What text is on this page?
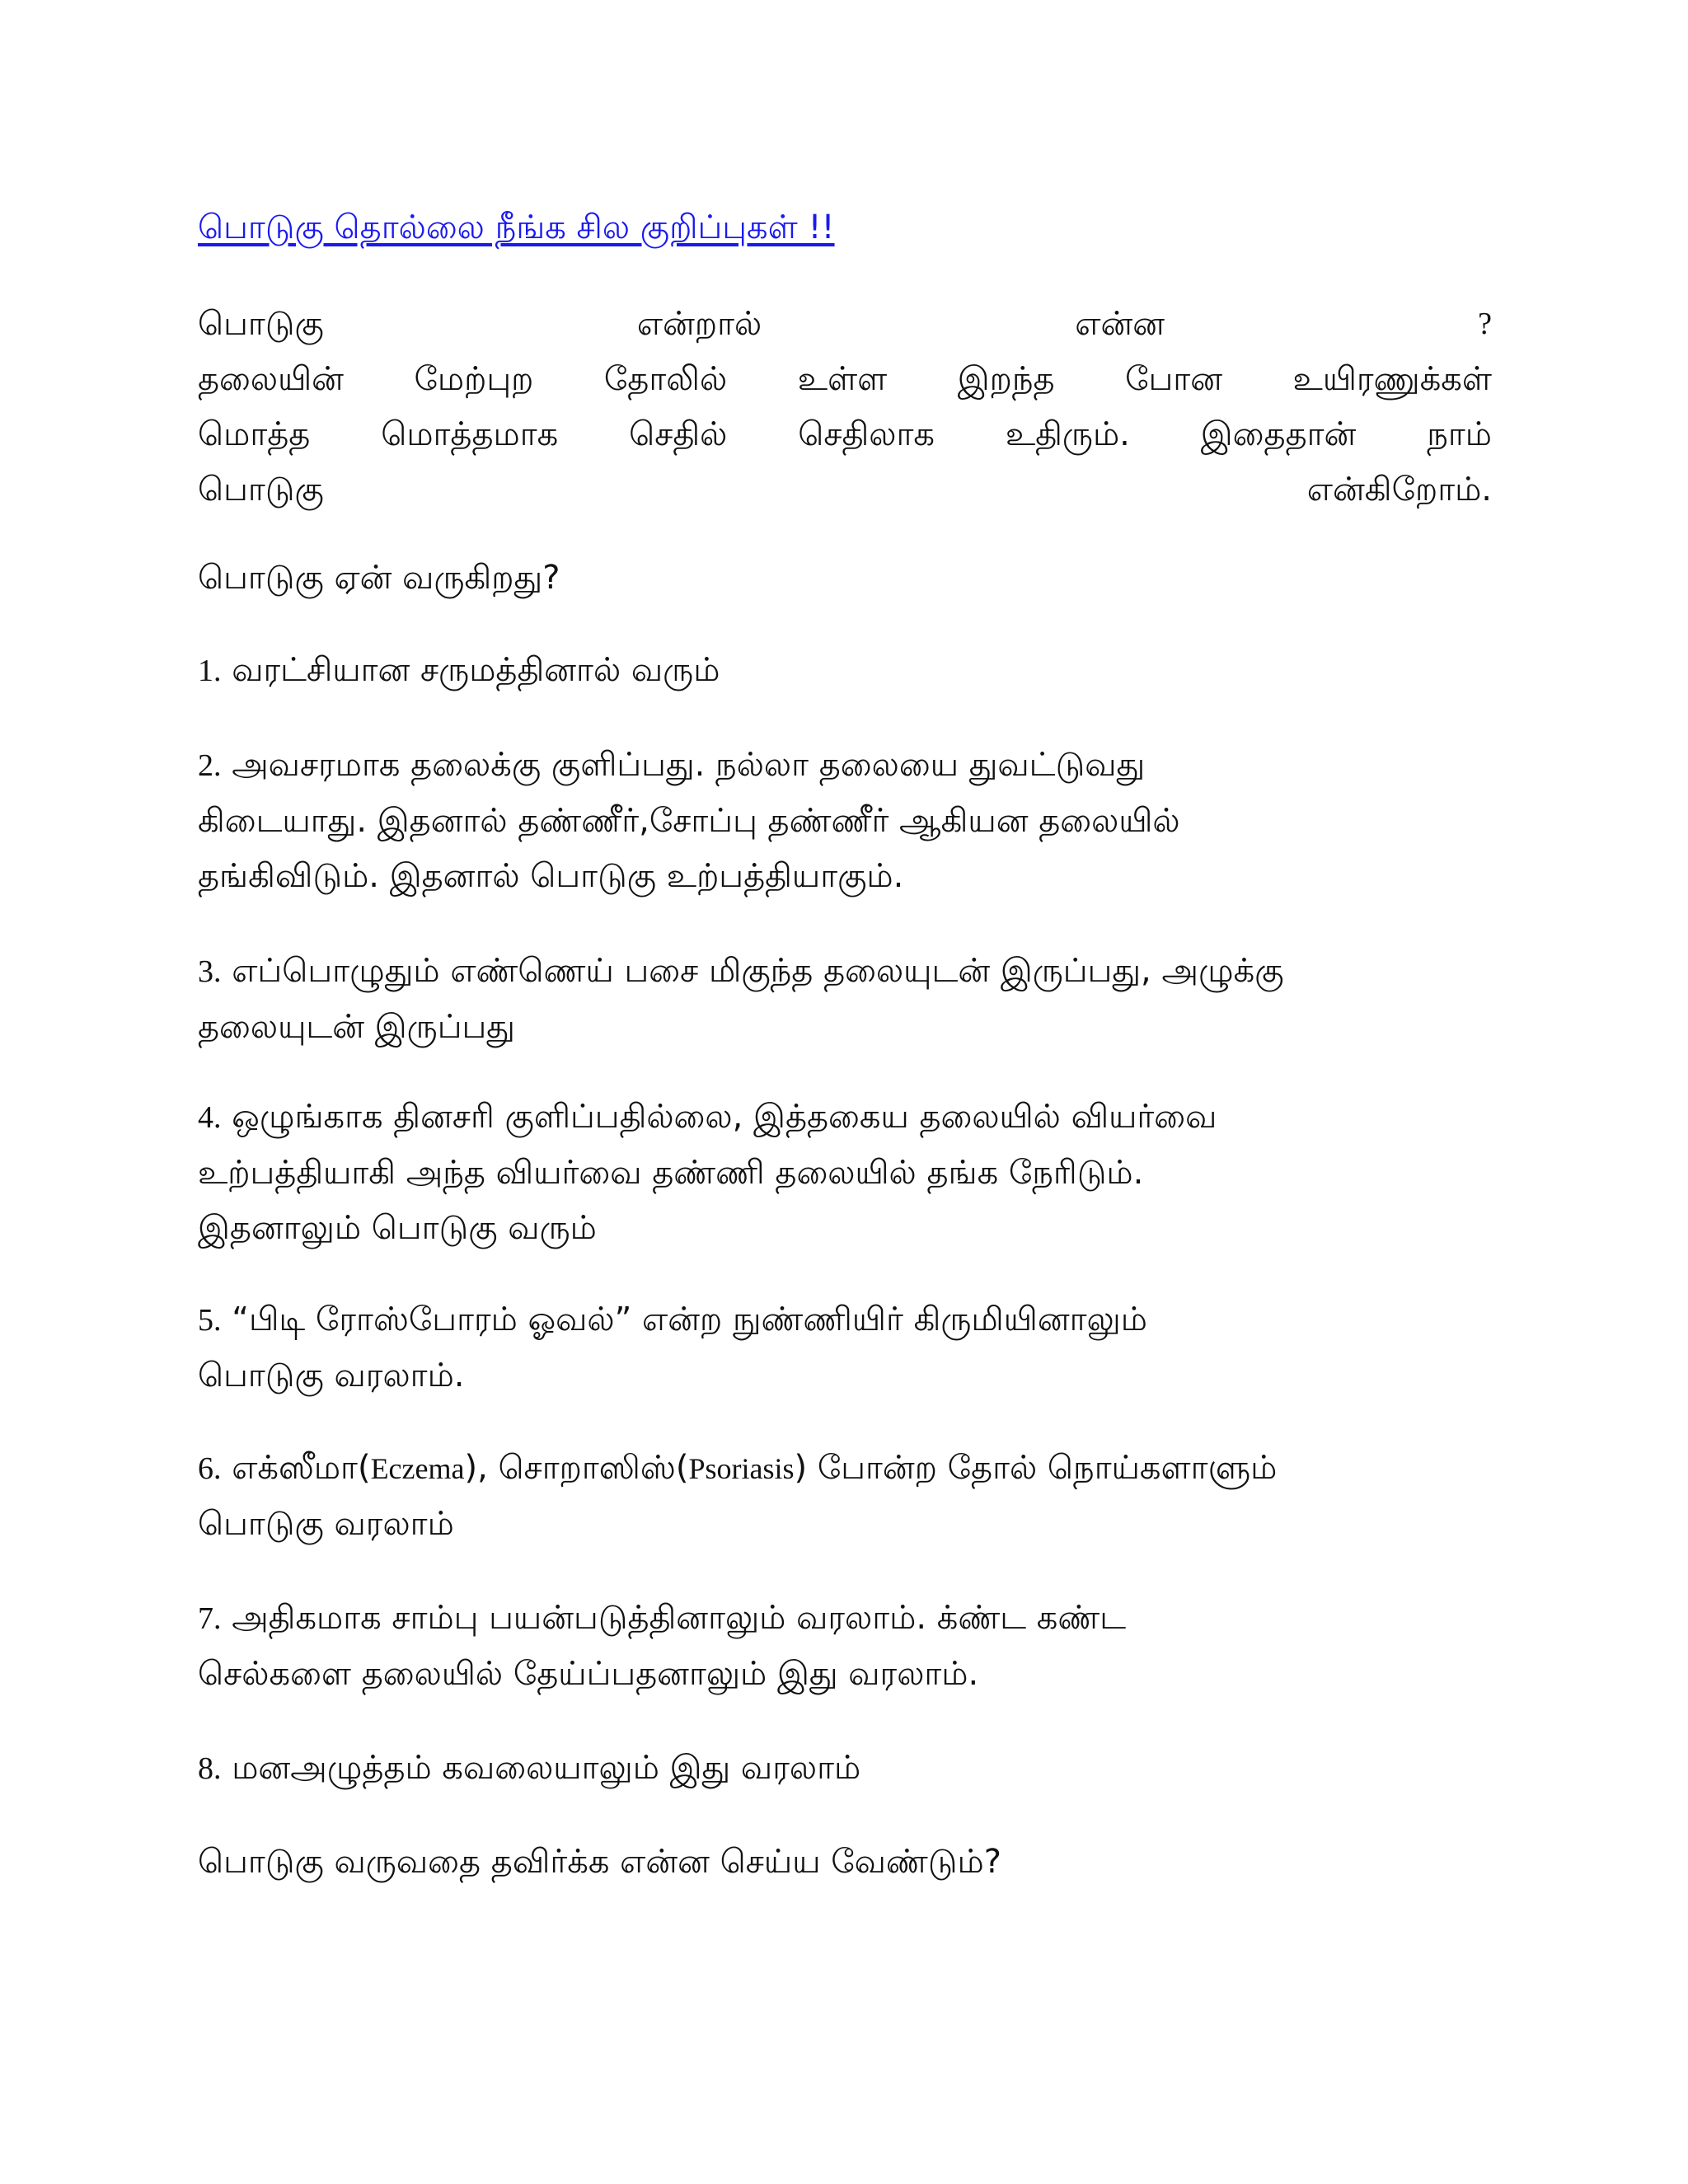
பொடுகு தொல்லை நீங்க சில குறிப்புகள் !!
பொடுகு	என்றால்	என்ன	?
தலையின் மேற்புற தோலில் உள்ள இறந்த போன உயிரணுக்கள்
மொத்த மொத்தமாக செதில் செதிலாக உதிரும். இதைதான் நாம்
பொடுகு	என்கிறோம்.
பொடுகு ஏன் வருகிறது?
1. வரட்சியான சருமத்தினால் வரும்
2. அவசரமாக தலைக்கு குளிப்பது. நல்லா தலையை துவட்டுவது
கிடையாது. இதனால் தண்ணீர்,சோப்பு தண்ணீர் ஆகியன தலையில்
தங்கிவிடும். இதனால் பொடுகு உற்பத்தியாகும்.
3. எப்பொழுதும் எண்ணெய் பசை மிகுந்த தலையுடன் இருப்பது, அழுக்கு
தலையுடன் இருப்பது
4. ஒழுங்காக தினசரி குளிப்பதில்லை, இத்தகைய தலையில் வியர்வை
உற்பத்தியாகி அந்த வியர்வை தண்ணி தலையில் தங்க நேரிடும்.
இதனாலும் பொடுகு வரும்
5. “பிடி ரோஸ்போரம் ஓவல்” என்ற நுண்ணியிர் கிருமியினாலும்
பொடுகு வரலாம்.
6. எக்ஸீமா(Eczema), சொறாஸிஸ்(Psoriasis) போன்ற தோல் நொய்களாளும்
பொடுகு வரலாம்
7. அதிகமாக சாம்பு பயன்படுத்தினாலும் வரலாம். க்ண்ட கண்ட
செல்களை தலையில் தேய்ப்பதனாலும் இது வரலாம்.
8. மனஅழுத்தம் கவலையாலும் இது வரலாம்
பொடுகு வருவதை தவிர்க்க என்ன செய்ய வேண்டும்?
